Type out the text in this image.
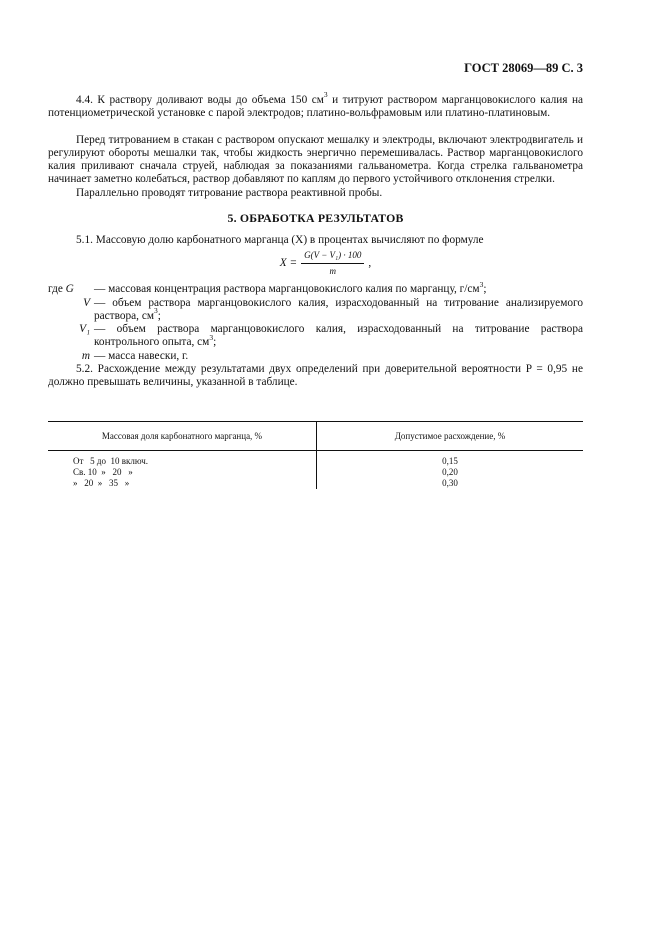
ГОСТ 28069—89 С. 3

4.4. К раствору доливают воды до объема 150 $см^3$ и титруют раствором марганцовокислого калия на потенциометрической установке с парой электродов; платино-вольфрамовым или платино-платиновым.

Перед титрованием в стакан с раствором опускают мешалку и электроды, включают электродвигатель и регулируют обороты мешалки так, чтобы жидкость энергично перемешивалась. Раствор марганцовокислого калия приливают сначала струей, наблюдая за показаниями гальванометра. Когда стрелка гальванометра начинает заметно колебаться, раствор добавляют по каплям до первого устойчивого отклонения стрелки.

Параллельно проводят титрование раствора реактивной пробы.

5. ОБРАБОТКА РЕЗУЛЬТАТОВ

5.1. Массовую долю карбонатного марганца (X) в процентах вычисляют по формуле

$X = \frac{\text{G(V − V₁) · 100}}{m}$ ,
где G	— массовая концентрация раствора марганцовокислого калия по марганцу, $г/см^3$;
V — объем раствора марганцовокислого калия, израсходованный на титрование анализируемого раствора, $см^3$;
V₁ — объем раствора марганцовокислого калия, израсходованный на титрование раствора контрольного опыта, $см^3$;
m — масса навески, г.

5.2. Расхождение между результатами двух определений при доверительной вероятности P = 0,95 не должно превышать величины, указанной в таблице.

Массовая доля карбонатного марганца, %	Допустимое расхождение, %
От   5 до  10 включ.	0,15
Св. 10  »   20   »	0,20
»   20  »   35   »	0,30
